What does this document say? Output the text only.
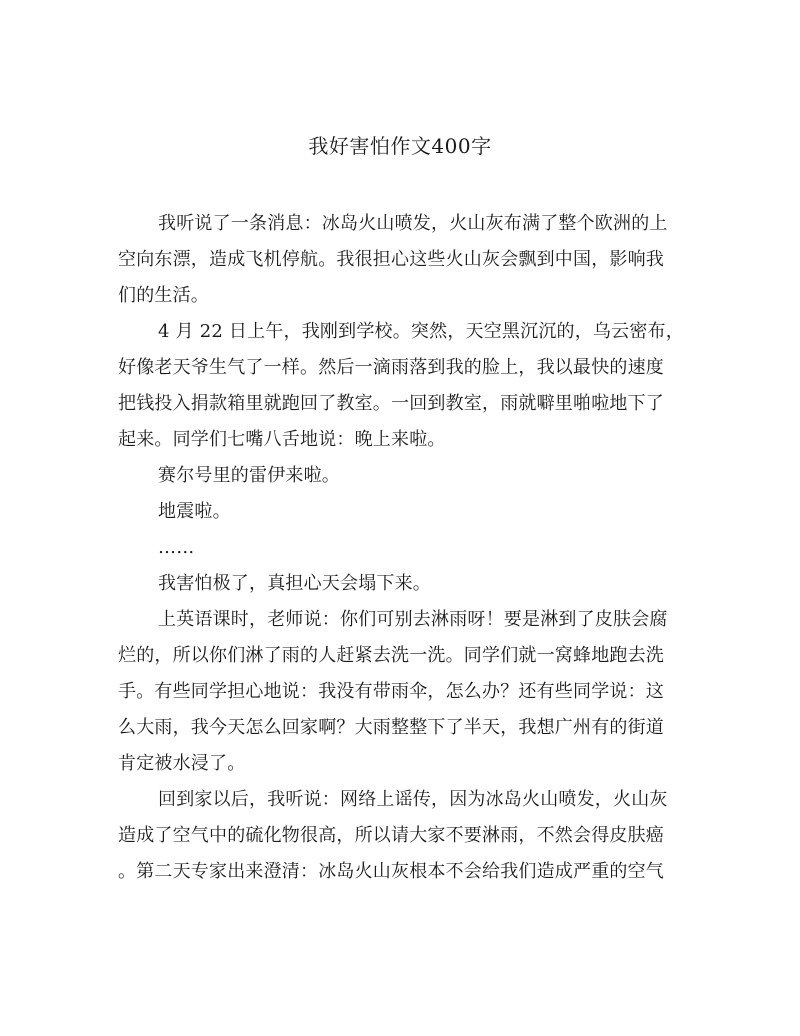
我好害怕作文400字
我听说了一条消息：冰岛火山喷发，火山灰布满了整个欧洲的上
空向东漂，造成飞机停航。我很担心这些火山灰会飘到中国，影响我
们的生活。
4 月 22 日上午，我刚到学校。突然，天空黑沉沉的，乌云密布，
好像老天爷生气了一样。然后一滴雨落到我的脸上，我以最快的速度
把钱投入捐款箱里就跑回了教室。一回到教室，雨就噼里啪啦地下了
起来。同学们七嘴八舌地说：晚上来啦。
赛尔号里的雷伊来啦。
地震啦。
……
我害怕极了，真担心天会塌下来。
上英语课时，老师说：你们可别去淋雨呀！要是淋到了皮肤会腐
烂的，所以你们淋了雨的人赶紧去洗一洗。同学们就一窝蜂地跑去洗
手。有些同学担心地说：我没有带雨伞，怎么办？还有些同学说：这
么大雨，我今天怎么回家啊？大雨整整下了半天，我想广州有的街道
肯定被水浸了。
回到家以后，我听说：网络上谣传，因为冰岛火山喷发，火山灰
造成了空气中的硫化物很高，所以请大家不要淋雨，不然会得皮肤癌
。第二天专家出来澄清：冰岛火山灰根本不会给我们造成严重的空气
